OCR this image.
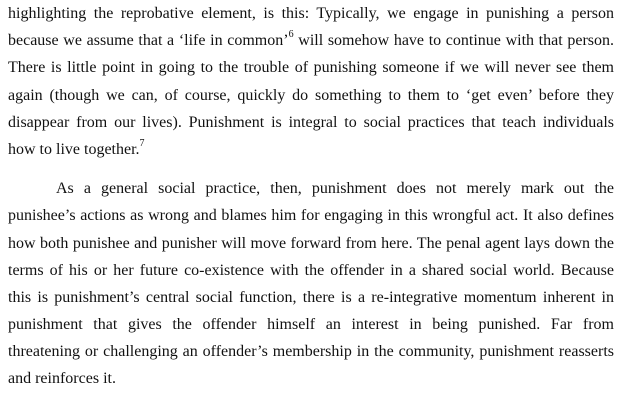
highlighting the reprobative element, is this: Typically, we engage in punishing a person
because we assume that a ‘life in common’$^6$ will somehow have to continue with that person.
There is little point in going to the trouble of punishing someone if we will never see them
again (though we can, of course, quickly do something to them to ‘get even’ before they
disappear from our lives). Punishment is integral to social practices that teach individuals
how to live together.$^7$
As a general social practice, then, punishment does not merely mark out the
punishee’s actions as wrong and blames him for engaging in this wrongful act. It also defines
how both punishee and punisher will move forward from here. The penal agent lays down the
terms of his or her future co-existence with the offender in a shared social world. Because
this is punishment’s central social function, there is a re-integrative momentum inherent in
punishment that gives the offender himself an interest in being punished. Far from
threatening or challenging an offender’s membership in the community, punishment reasserts
and reinforces it.
